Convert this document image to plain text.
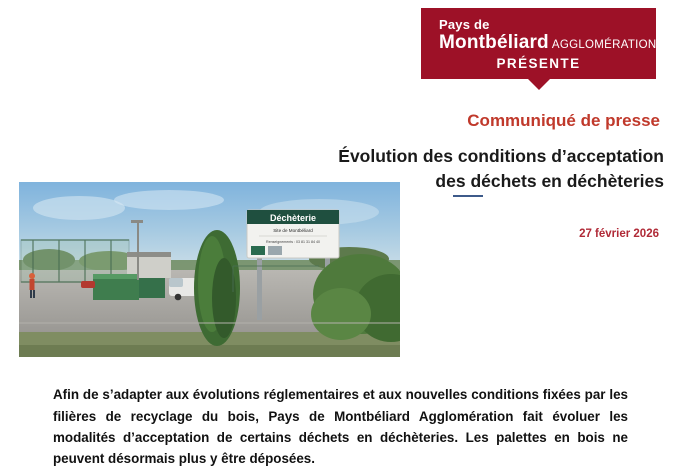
Pays de
Montbéliard AGGLOMÉRATION
PRÉSENTE
Communiqué de presse
Évolution des conditions d’acceptation
des déchets en déchèteries
27 février 2026
Déchèterie
Site de Montbéliard
Renseignements : 03 81 31 84 40

Afin de s’adapter aux évolutions réglementaires et aux nouvelles conditions fixées par les filières de recyclage du bois, Pays de Montbéliard Agglomération fait évoluer les modalités d’acceptation de certains déchets en déchèteries. Les palettes en bois ne peuvent désormais plus y être déposées.
